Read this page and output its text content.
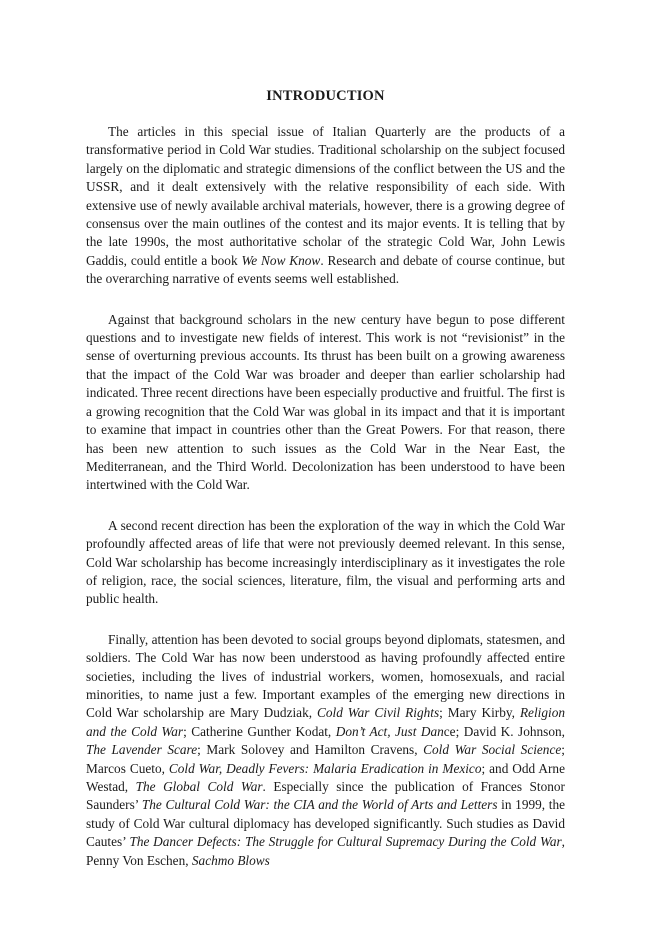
INTRODUCTION

The articles in this special issue of Italian Quarterly are the products of a transformative period in Cold War studies. Traditional scholarship on the subject focused largely on the diplomatic and strategic dimensions of the conflict between the US and the USSR, and it dealt extensively with the relative responsibility of each side. With extensive use of newly available archival materials, however, there is a growing degree of consensus over the main outlines of the contest and its major events. It is telling that by the late 1990s, the most authoritative scholar of the strategic Cold War, John Lewis Gaddis, could entitle a book We Now Know. Research and debate of course continue, but the overarching narrative of events seems well established.

Against that background scholars in the new century have begun to pose different questions and to investigate new fields of interest. This work is not “revisionist” in the sense of overturning previous accounts. Its thrust has been built on a growing awareness that the impact of the Cold War was broader and deeper than earlier scholarship had indicated. Three recent directions have been especially productive and fruitful. The first is a growing recognition that the Cold War was global in its impact and that it is important to examine that impact in countries other than the Great Powers. For that reason, there has been new attention to such issues as the Cold War in the Near East, the Mediterranean, and the Third World. Decolonization has been understood to have been intertwined with the Cold War.

A second recent direction has been the exploration of the way in which the Cold War profoundly affected areas of life that were not previously deemed relevant. In this sense, Cold War scholarship has become increasingly interdisciplinary as it investigates the role of religion, race, the social sciences, literature, film, the visual and performing arts and public health.

Finally, attention has been devoted to social groups beyond diplomats, statesmen, and soldiers. The Cold War has now been understood as having profoundly affected entire societies, including the lives of industrial workers, women, homosexuals, and racial minorities, to name just a few. Important examples of the emerging new directions in Cold War scholarship are Mary Dudziak, Cold War Civil Rights; Mary Kirby, Religion and the Cold War; Catherine Gunther Kodat, Don’t Act, Just Dance; David K. Johnson, The Lavender Scare; Mark Solovey and Hamilton Cravens, Cold War Social Science; Marcos Cueto, Cold War, Deadly Fevers: Malaria Eradication in Mexico; and Odd Arne Westad, The Global Cold War. Especially since the publication of Frances Stonor Saunders’ The Cultural Cold War: the CIA and the World of Arts and Letters in 1999, the study of Cold War cultural diplomacy has developed significantly. Such studies as David Cautes’ The Dancer Defects: The Struggle for Cultural Supremacy During the Cold War, Penny Von Eschen, Sachmo Blows
